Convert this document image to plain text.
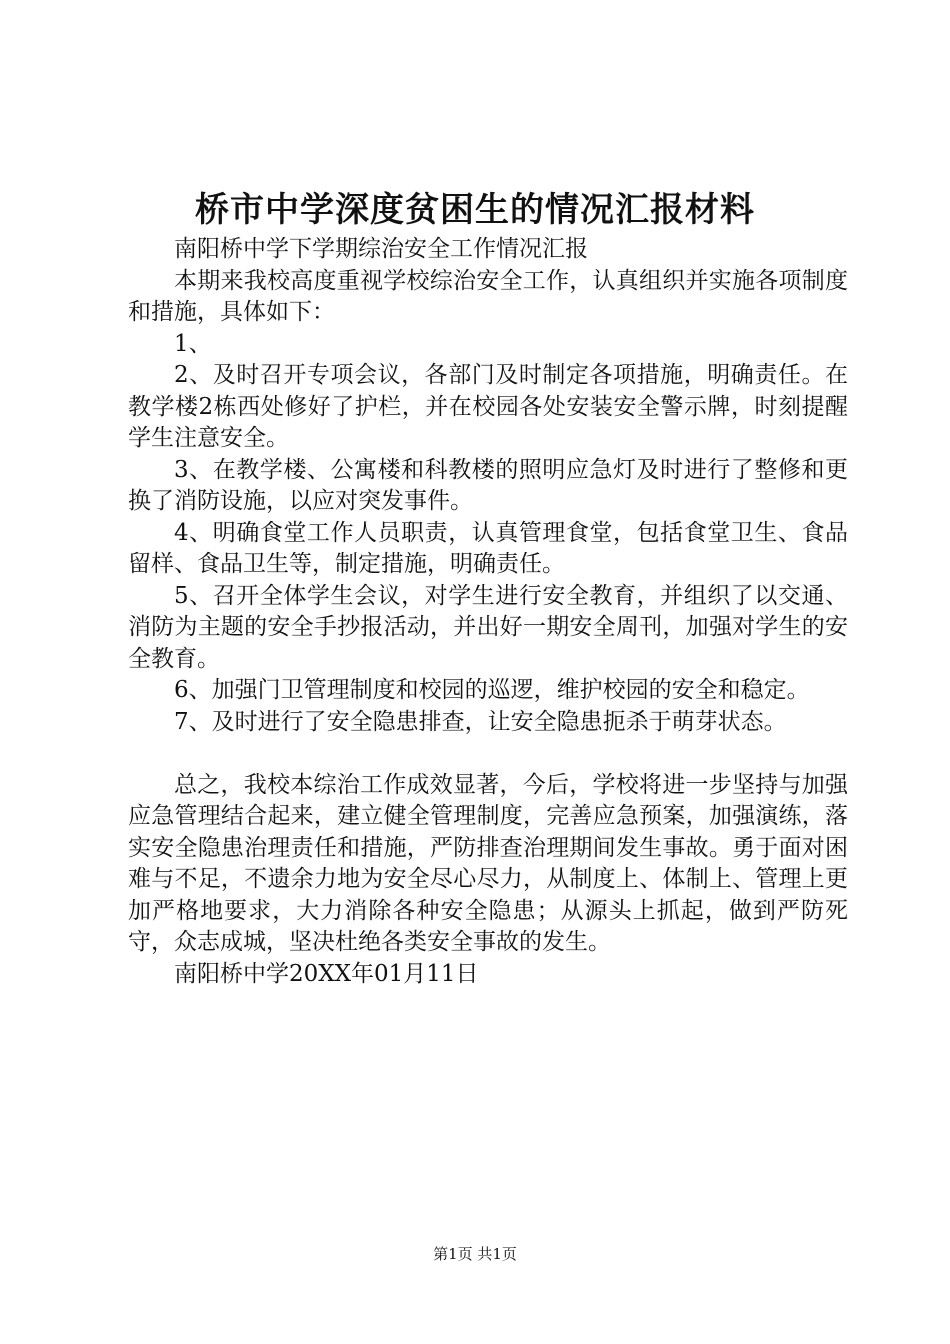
桥市中学深度贫困生的情况汇报材料

南阳桥中学下学期综治安全工作情况汇报

本期来我校高度重视学校综治安全工作，认真组织并实施各项制度和措施，具体如下：

1、

2、及时召开专项会议，各部门及时制定各项措施，明确责任。在教学楼2栋西处修好了护栏，并在校园各处安装安全警示牌，时刻提醒学生注意安全。

3、在教学楼、公寓楼和科教楼的照明应急灯及时进行了整修和更换了消防设施，以应对突发事件。

4、明确食堂工作人员职责，认真管理食堂，包括食堂卫生、食品留样、食品卫生等，制定措施，明确责任。

5、召开全体学生会议，对学生进行安全教育，并组织了以交通、消防为主题的安全手抄报活动，并出好一期安全周刊，加强对学生的安全教育。

6、加强门卫管理制度和校园的巡逻，维护校园的安全和稳定。

7、及时进行了安全隐患排查，让安全隐患扼杀于萌芽状态。

总之，我校本综治工作成效显著，今后，学校将进一步坚持与加强应急管理结合起来，建立健全管理制度，完善应急预案，加强演练，落实安全隐患治理责任和措施，严防排查治理期间发生事故。勇于面对困难与不足，不遗余力地为安全尽心尽力，从制度上、体制上、管理上更加严格地要求，大力消除各种安全隐患；从源头上抓起，做到严防死守，众志成城，坚决杜绝各类安全事故的发生。

南阳桥中学20XX年01月11日

第1页 共1页
